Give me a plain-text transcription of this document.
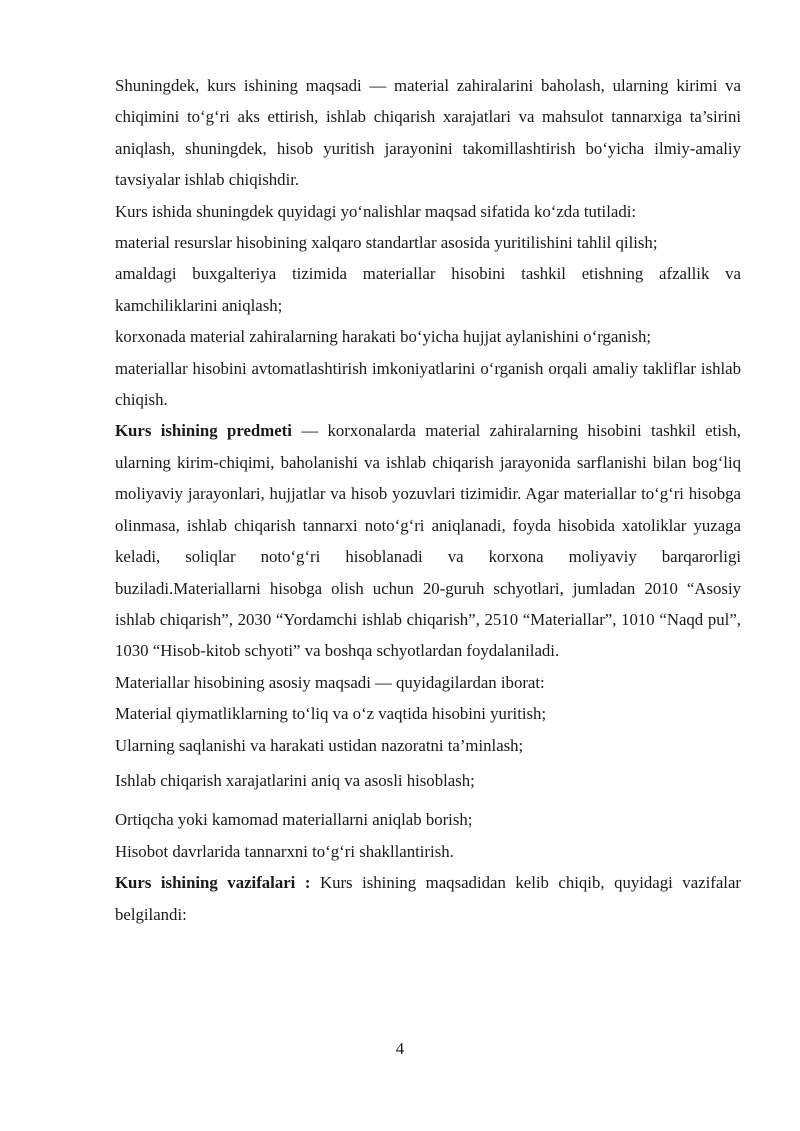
Shuningdek, kurs ishining maqsadi — material zahiralarini baholash, ularning kirimi va chiqimini to‘g‘ri aks ettirish, ishlab chiqarish xarajatlari va mahsulot tannarxiga ta’sirini aniqlash, shuningdek, hisob yuritish jarayonini takomillashtirish bo‘yicha ilmiy-amaliy tavsiyalar ishlab chiqishdir.

Kurs ishida shuningdek quyidagi yo‘nalishlar maqsad sifatida ko‘zda tutiladi:

material resurslar hisobining xalqaro standartlar asosida yuritilishini tahlil qilish;

amaldagi buxgalteriya tizimida materiallar hisobini tashkil etishning afzallik va kamchiliklarini aniqlash;

korxonada material zahiralarning harakati bo‘yicha hujjat aylanishini o‘rganish;

materiallar hisobini avtomatlashtirish imkoniyatlarini o‘rganish orqali amaliy takliflar ishlab chiqish.

Kurs ishining predmeti — korxonalarda material zahiralarning hisobini tashkil etish, ularning kirim-chiqimi, baholanishi va ishlab chiqarish jarayonida sarflanishi bilan bog‘liq moliyaviy jarayonlari, hujjatlar va hisob yozuvlari tizimidir. Agar materiallar to‘g‘ri hisobga olinmasa, ishlab chiqarish tannarxi noto‘g‘ri aniqlanadi, foyda hisobida xatoliklar yuzaga keladi, soliqlar noto‘g‘ri hisoblanadi va korxona moliyaviy barqarorligi buziladi.Materiallarni hisobga olish uchun 20-guruh schyotlari, jumladan 2010 “Asosiy ishlab chiqarish”, 2030 “Yordamchi ishlab chiqarish”, 2510 “Materiallar”, 1010 “Naqd pul”, 1030 “Hisob-kitob schyoti” va boshqa schyotlardan foydalaniladi.

Materiallar hisobining asosiy maqsadi — quyidagilardan iborat:

Material qiymatliklarning to‘liq va o‘z vaqtida hisobini yuritish;

Ularning saqlanishi va harakati ustidan nazoratni ta’minlash;

Ishlab chiqarish xarajatlarini aniq va asosli hisoblash;

Ortiqcha yoki kamomad materiallarni aniqlab borish;

Hisobot davrlarida tannarxni to‘g‘ri shakllantirish.

Kurs ishining vazifalari : Kurs ishining maqsadidan kelib chiqib, quyidagi vazifalar belgilandi:

4
